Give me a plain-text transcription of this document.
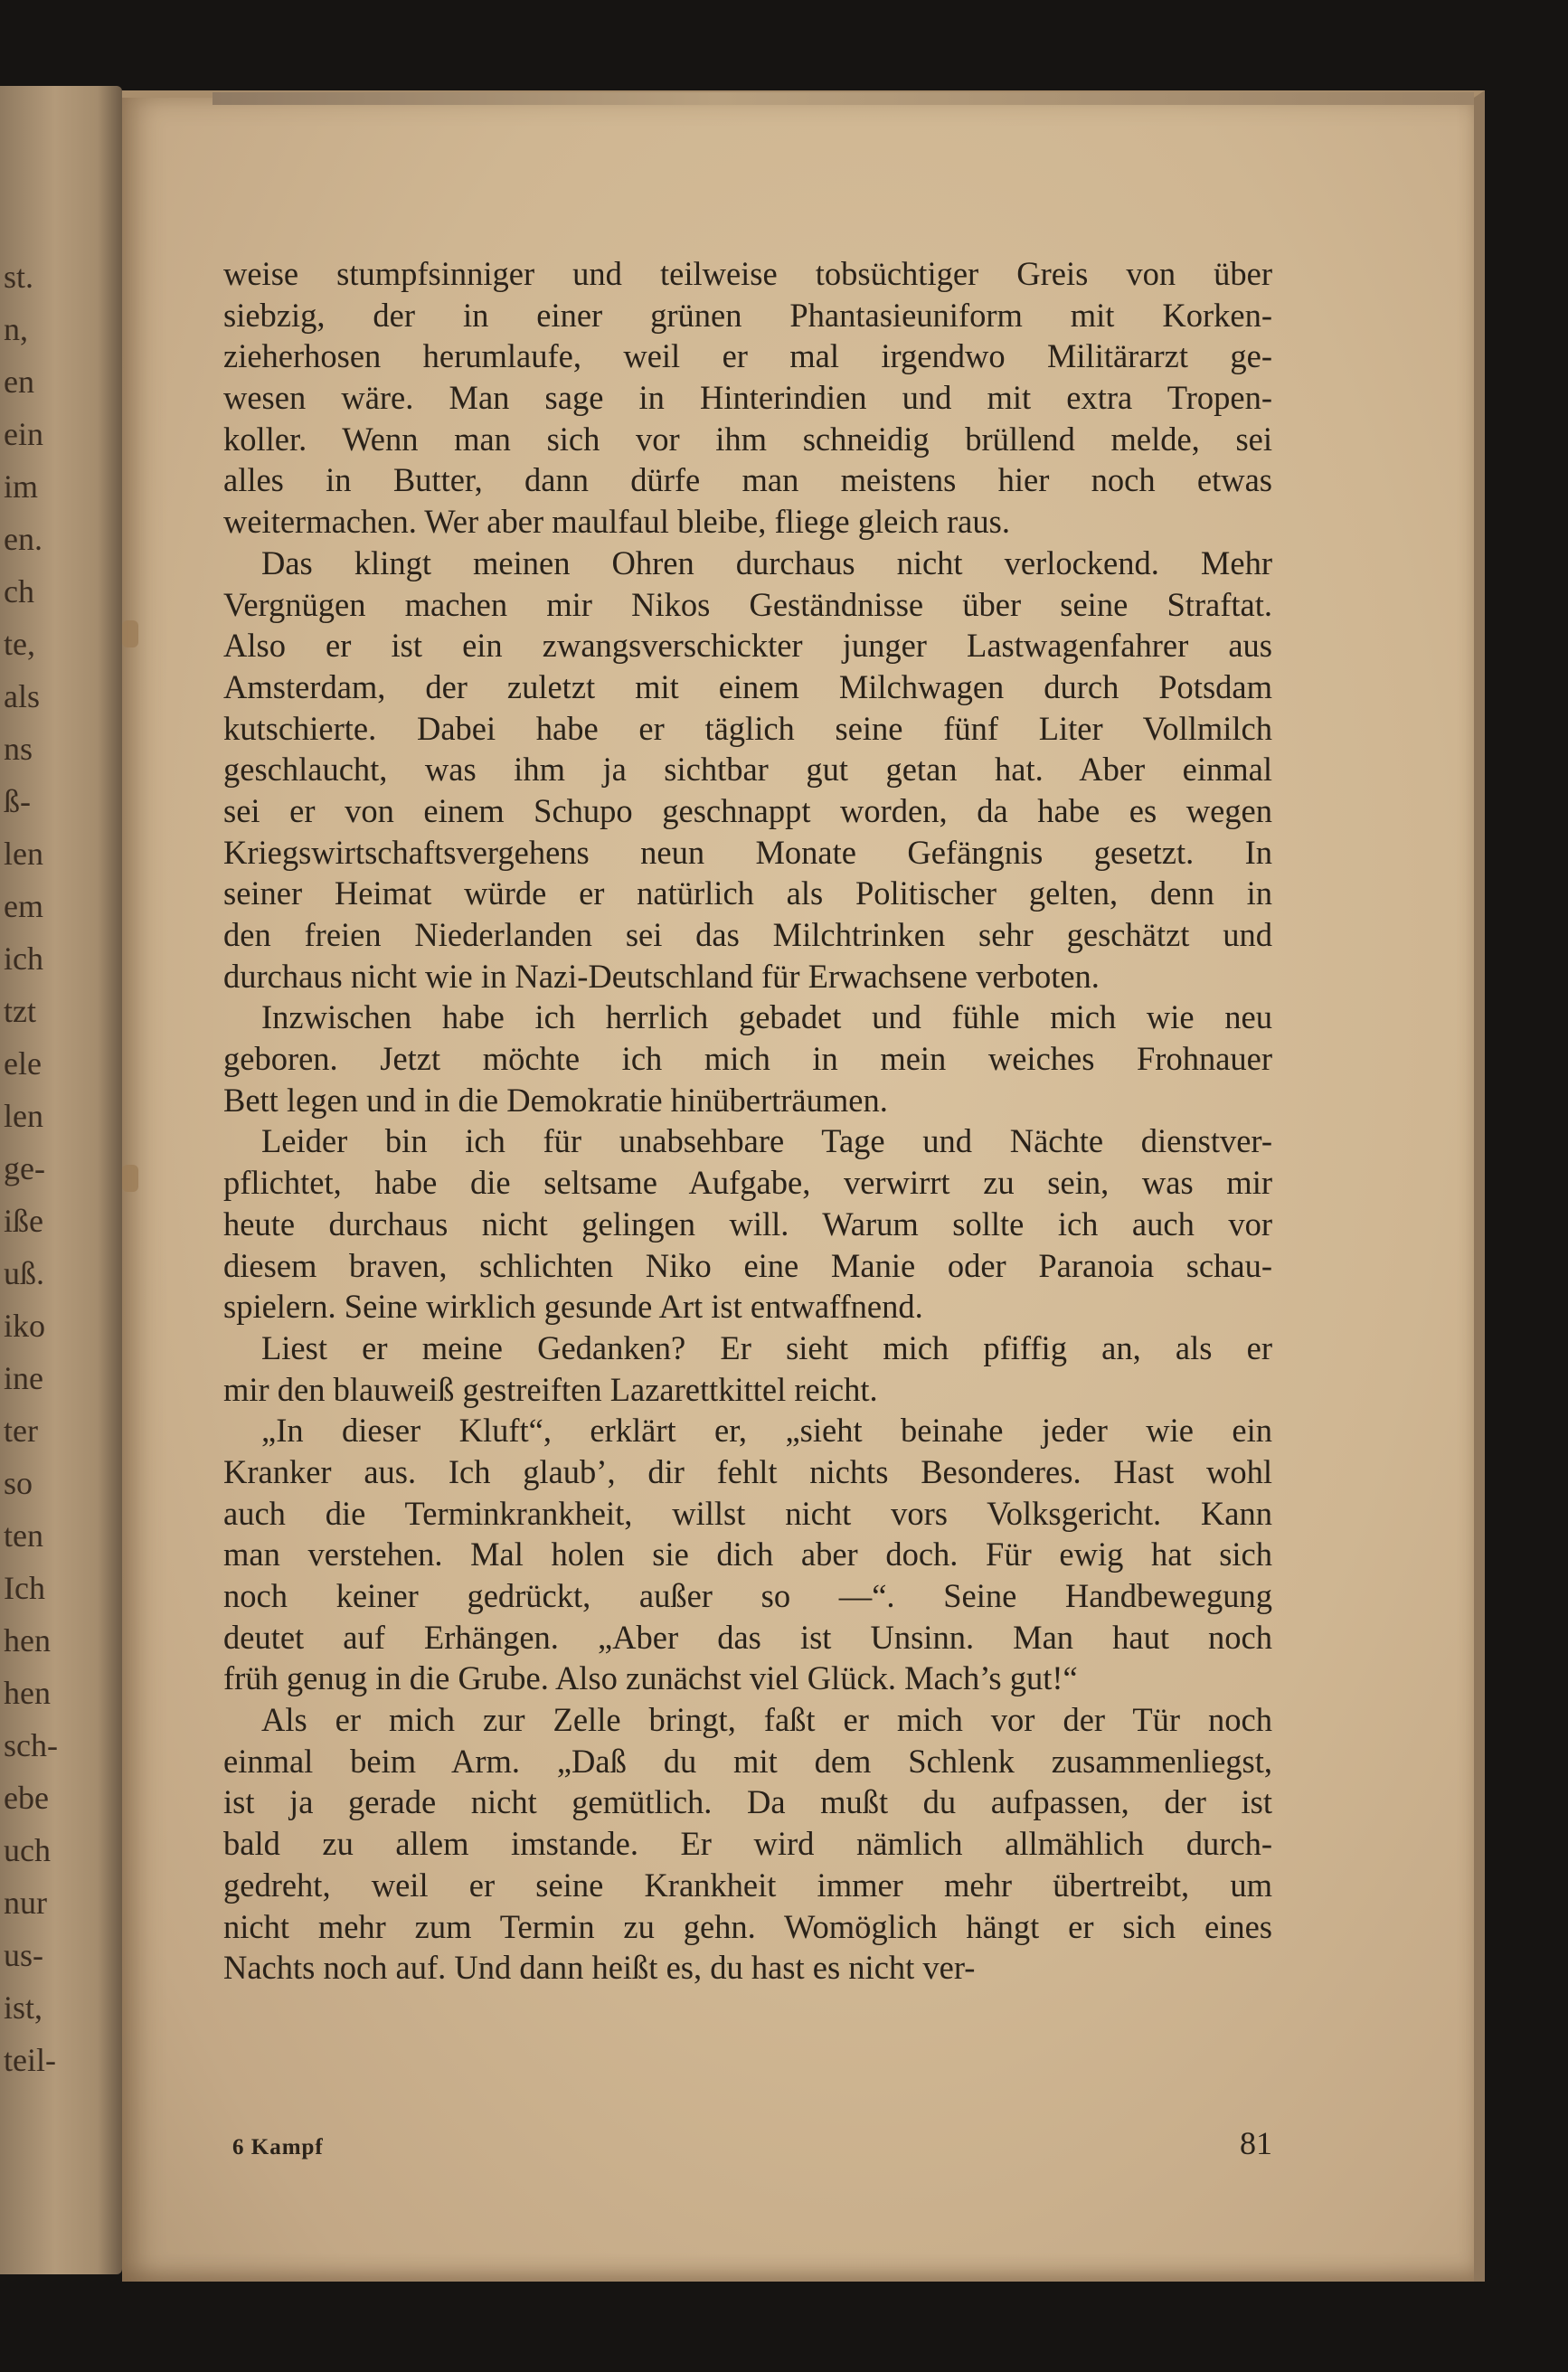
st.
n,
en
ein
im
en.
ch
te,
als
ns
ß-
len
em
ich
tzt
ele
len
ge-
iße
uß.
iko
ine
ter
so
ten
Ich
hen
hen
sch-
ebe
uch
nur
us-
ist,
teil-
weise stumpfsinniger und teilweise tobsüchtiger Greis von über
siebzig, der in einer grünen Phantasieuniform mit Korken-
zieherhosen herumlaufe, weil er mal irgendwo Militärarzt ge-
wesen wäre. Man sage in Hinterindien und mit extra Tropen-
koller. Wenn man sich vor ihm schneidig brüllend melde, sei
alles in Butter, dann dürfe man meistens hier noch etwas
weitermachen. Wer aber maulfaul bleibe, fliege gleich raus.
Das klingt meinen Ohren durchaus nicht verlockend. Mehr
Vergnügen machen mir Nikos Geständnisse über seine Straftat.
Also er ist ein zwangsverschickter junger Lastwagenfahrer aus
Amsterdam, der zuletzt mit einem Milchwagen durch Potsdam
kutschierte. Dabei habe er täglich seine fünf Liter Vollmilch
geschlaucht, was ihm ja sichtbar gut getan hat. Aber einmal
sei er von einem Schupo geschnappt worden, da habe es wegen
Kriegswirtschaftsvergehens neun Monate Gefängnis gesetzt. In
seiner Heimat würde er natürlich als Politischer gelten, denn in
den freien Niederlanden sei das Milchtrinken sehr geschätzt und
durchaus nicht wie in Nazi-Deutschland für Erwachsene verboten.
Inzwischen habe ich herrlich gebadet und fühle mich wie neu
geboren. Jetzt möchte ich mich in mein weiches Frohnauer
Bett legen und in die Demokratie hinüberträumen.
Leider bin ich für unabsehbare Tage und Nächte dienstver-
pflichtet, habe die seltsame Aufgabe, verwirrt zu sein, was mir
heute durchaus nicht gelingen will. Warum sollte ich auch vor
diesem braven, schlichten Niko eine Manie oder Paranoia schau-
spielern. Seine wirklich gesunde Art ist entwaffnend.
Liest er meine Gedanken? Er sieht mich pfiffig an, als er
mir den blauweiß gestreiften Lazarettkittel reicht.
„In dieser Kluft“, erklärt er, „sieht beinahe jeder wie ein
Kranker aus. Ich glaub’, dir fehlt nichts Besonderes. Hast wohl
auch die Terminkrankheit, willst nicht vors Volksgericht. Kann
man verstehen. Mal holen sie dich aber doch. Für ewig hat sich
noch keiner gedrückt, außer so —“. Seine Handbewegung
deutet auf Erhängen. „Aber das ist Unsinn. Man haut noch
früh genug in die Grube. Also zunächst viel Glück. Mach’s gut!“
Als er mich zur Zelle bringt, faßt er mich vor der Tür noch
einmal beim Arm. „Daß du mit dem Schlenk zusammenliegst,
ist ja gerade nicht gemütlich. Da mußt du aufpassen, der ist
bald zu allem imstande. Er wird nämlich allmählich durch-
gedreht, weil er seine Krankheit immer mehr übertreibt, um
nicht mehr zum Termin zu gehn. Womöglich hängt er sich eines
Nachts noch auf. Und dann heißt es, du hast es nicht ver-
6 Kampf	81
